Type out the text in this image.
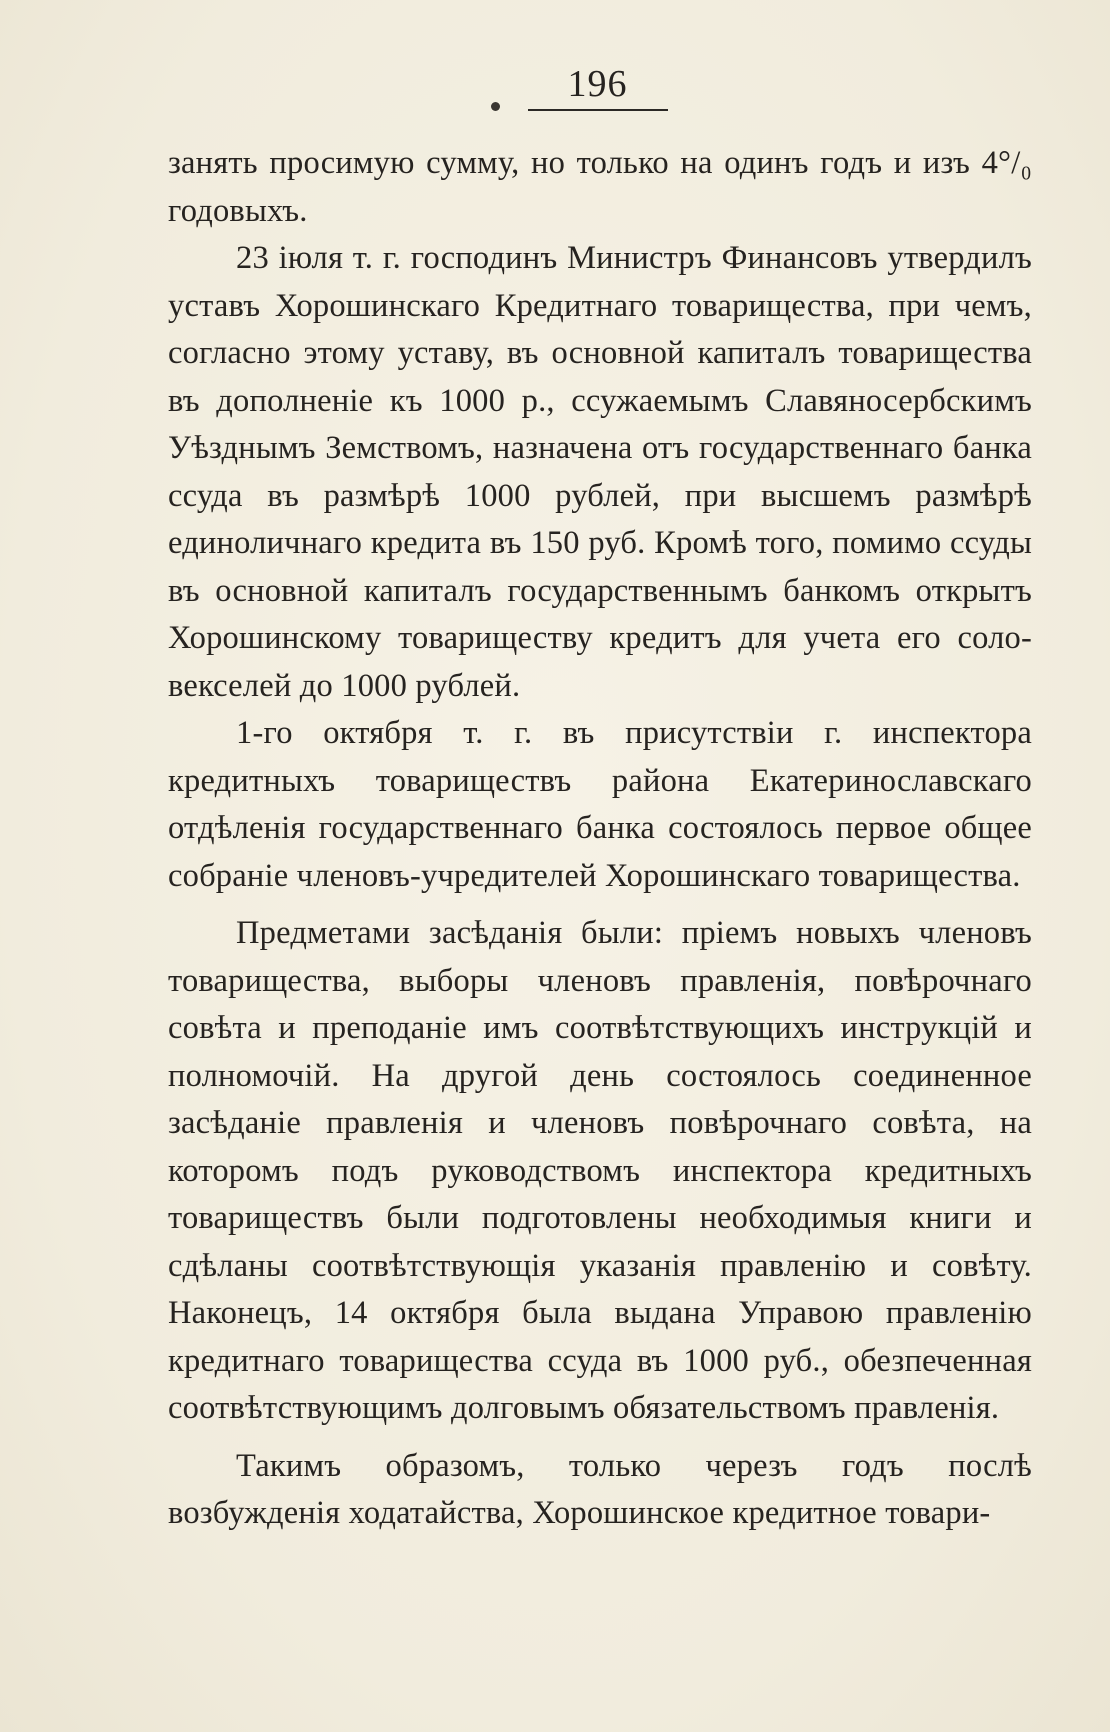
196

занять просимую сумму, но только на одинъ годъ и изъ 4°/₀ годовыхъ.

23 іюля т. г. господинъ Министръ Финансовъ утвердилъ уставъ Хорошинскаго Кредитнаго товарищества, при чемъ, согласно этому уставу, въ основной капиталъ товарищества въ дополненіе къ 1000 р., ссужаемымъ Славяносербскимъ Уѣзднымъ Земствомъ, назначена отъ государственнаго банка ссуда въ размѣрѣ 1000 рублей, при высшемъ размѣрѣ единоличнаго кредита въ 150 руб. Кромѣ того, помимо ссуды въ основной капиталъ государственнымъ банкомъ открытъ Хорошинскому товариществу кредитъ для учета его соло-векселей до 1000 рублей.

1-го октября т. г. въ присутствіи г. инспектора кредитныхъ товариществъ района Екатеринославскаго отдѣленія государственнаго банка состоялось первое общее собраніе членовъ-учредителей Хорошинскаго товарищества.

Предметами засѣданія были: пріемъ новыхъ членовъ товарищества, выборы членовъ правленія, повѣрочнаго совѣта и преподаніе имъ соотвѣтствующихъ инструкцій и полномочій. На другой день состоялось соединенное засѣданіе правленія и членовъ повѣрочнаго совѣта, на которомъ подъ руководствомъ инспектора кредитныхъ товариществъ были подготовлены необходимыя книги и сдѣланы соотвѣтствующія указанія правленію и совѣту. Наконецъ, 14 октября была выдана Управою правленію кредитнаго товарищества ссуда въ 1000 руб., обезпеченная соотвѣтствующимъ долговымъ обязательствомъ правленія.

Такимъ образомъ, только черезъ годъ послѣ возбужденія ходатайства, Хорошинское кредитное товари-
